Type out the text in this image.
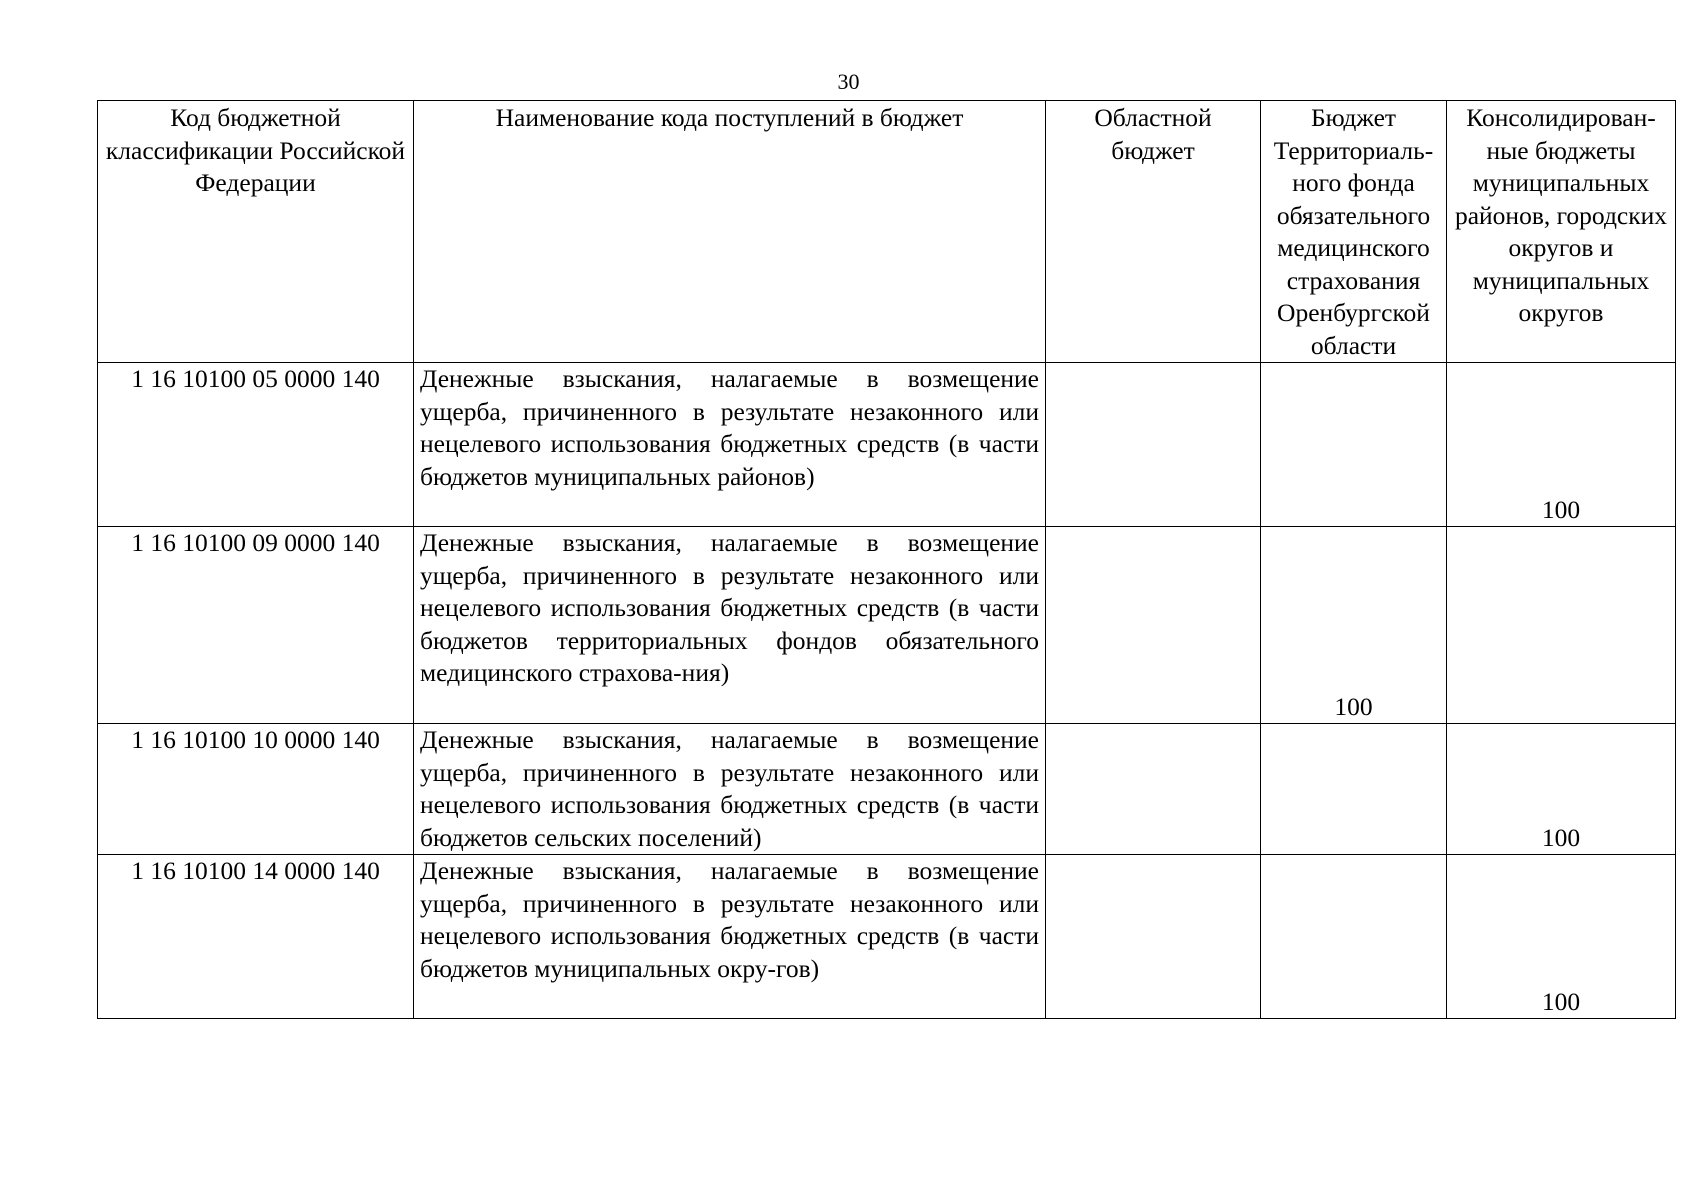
30
Код бюджетной классификации Российской Федерации	Наименование кода поступлений в бюджет	Областной бюджет	Бюджет Территориаль-ного фонда обязательного медицинского страхования Оренбургской области	Консолидирован-ные бюджеты муниципальных районов, городских округов и муниципальных округов
1 16 10100 05 0000 140	Денежные взыскания, налагаемые в возмещение ущерба, причиненного в результате незаконного или нецелевого использования бюджетных средств (в части бюджетов муниципальных районов)			100
1 16 10100 09 0000 140	Денежные взыскания, налагаемые в возмещение ущерба, причиненного в результате незаконного или нецелевого использования бюджетных средств (в части бюджетов территориальных фондов обязательного медицинского страхова-ния)		100	
1 16 10100 10 0000 140	Денежные взыскания, налагаемые в возмещение ущерба, причиненного в результате незаконного или нецелевого использования бюджетных средств (в части бюджетов сельских поселений)			100
1 16 10100 14 0000 140	Денежные взыскания, налагаемые в возмещение ущерба, причиненного в результате незаконного или нецелевого использования бюджетных средств (в части бюджетов муниципальных окру-гов)			100
